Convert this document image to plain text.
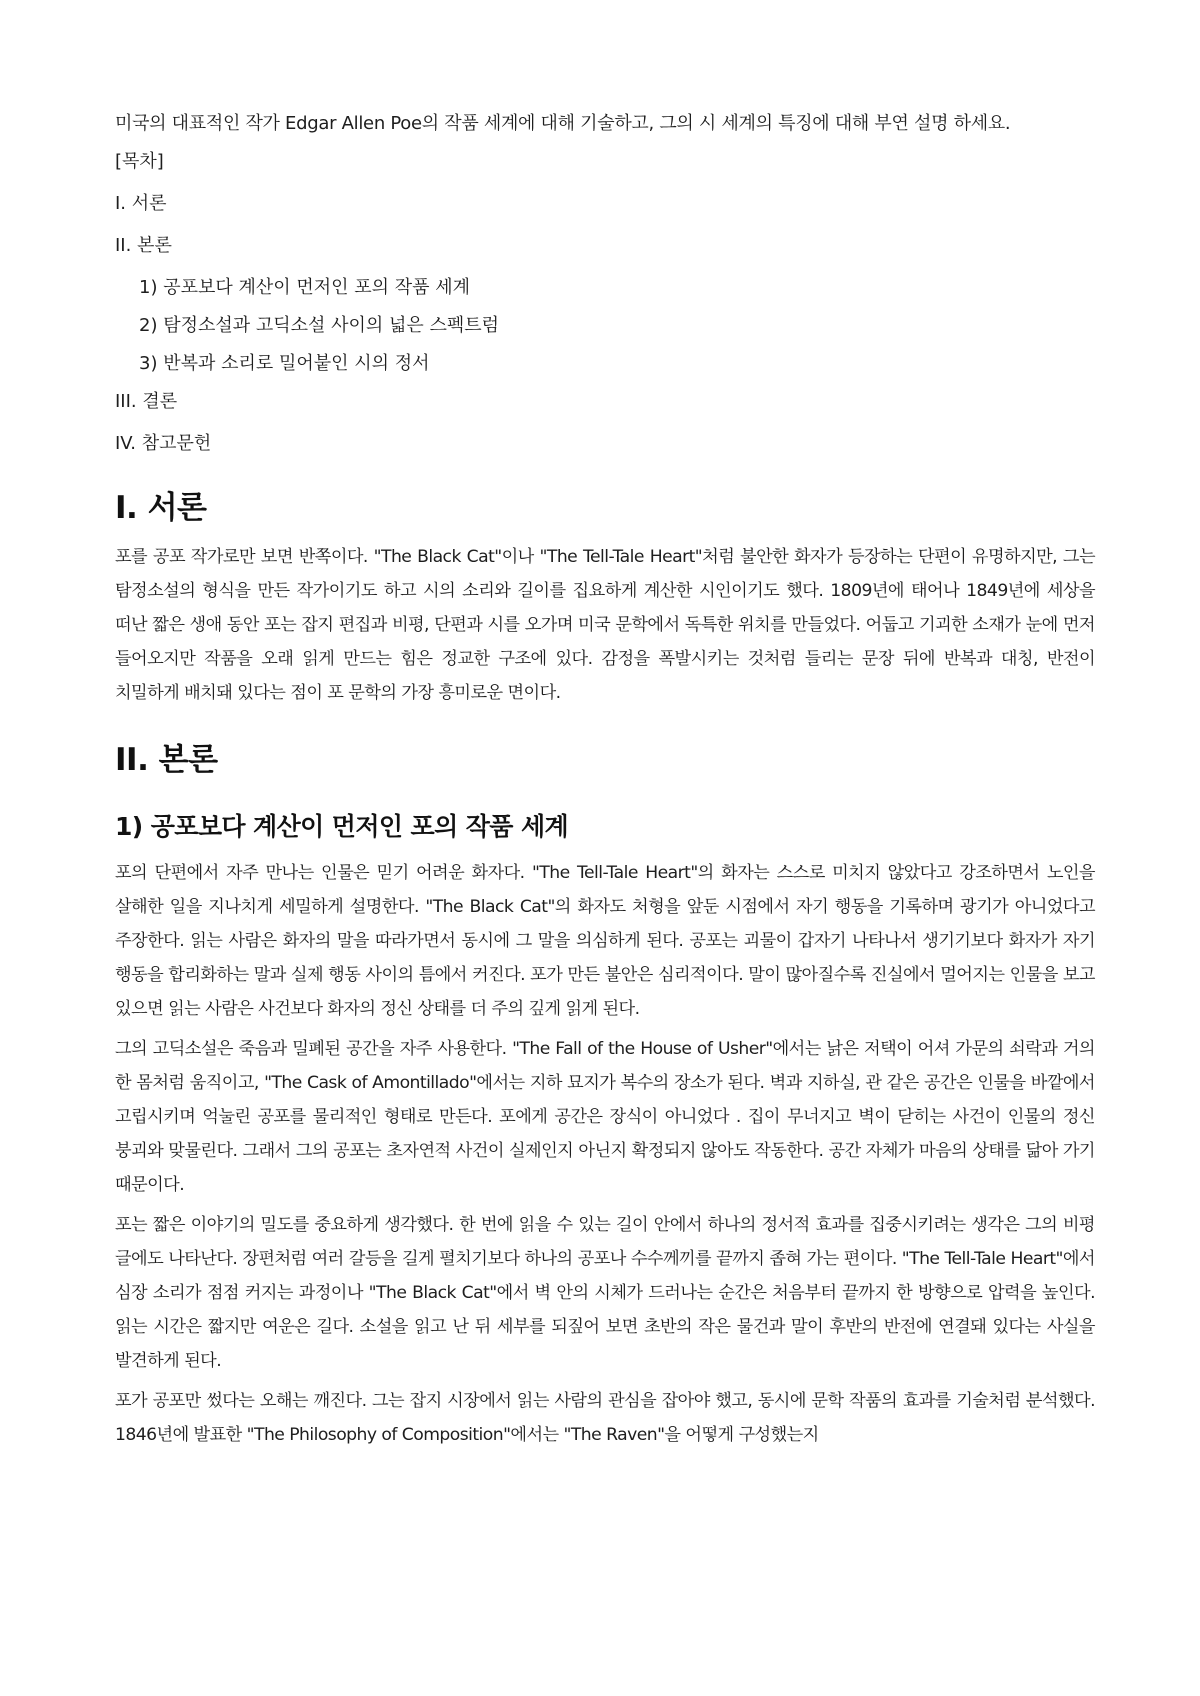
미국의 대표적인 작가 Edgar Allen Poe의 작품 세계에 대해 기술하고, 그의 시 세계의 특징에 대해 부연 설명 하세요.

[목차]
I. 서론
II. 본론
1) 공포보다 계산이 먼저인 포의 작품 세계
2) 탐정소설과 고딕소설 사이의 넓은 스펙트럼
3) 반복과 소리로 밀어붙인 시의 정서
III. 결론
IV. 참고문헌
I. 서론

포를 공포 작가로만 보면 반쪽이다. "The Black Cat"이나 "The Tell-Tale Heart"처럼 불안한 화자가 등장하는 단편이 유명하지만, 그는 탐정소설의 형식을 만든 작가이기도 하고 시의 소리와 길이를 집요하게 계산한 시인이기도 했다. 1809년에 태어나 1849년에 세상을 떠난 짧은 생애 동안 포는 잡지 편집과 비평, 단편과 시를 오가며 미국 문학에서 독특한 위치를 만들었다. 어둡고 기괴한 소재가 눈에 먼저 들어오지만 작품을 오래 읽게 만드는 힘은 정교한 구조에 있다. 감정을 폭발시키는 것처럼 들리는 문장 뒤에 반복과 대칭, 반전이 치밀하게 배치돼 있다는 점이 포 문학의 가장 흥미로운 면이다.

II. 본론
1) 공포보다 계산이 먼저인 포의 작품 세계

포의 단편에서 자주 만나는 인물은 믿기 어려운 화자다. "The Tell-Tale Heart"의 화자는 스스로 미치지 않았다고 강조하면서 노인을 살해한 일을 지나치게 세밀하게 설명한다. "The Black Cat"의 화자도 처형을 앞둔 시점에서 자기 행동을 기록하며 광기가 아니었다고 주장한다. 읽는 사람은 화자의 말을 따라가면서 동시에 그 말을 의심하게 된다. 공포는 괴물이 갑자기 나타나서 생기기보다 화자가 자기 행동을 합리화하는 말과 실제 행동 사이의 틈에서 커진다. 포가 만든 불안은 심리적이다. 말이 많아질수록 진실에서 멀어지는 인물을 보고 있으면 읽는 사람은 사건보다 화자의 정신 상태를 더 주의 깊게 읽게 된다.

그의 고딕소설은 죽음과 밀폐된 공간을 자주 사용한다. "The Fall of the House of Usher"에서는 낡은 저택이 어셔 가문의 쇠락과 거의 한 몸처럼 움직이고, "The Cask of Amontillado"에서는 지하 묘지가 복수의 장소가 된다. 벽과 지하실, 관 같은 공간은 인물을 바깥에서 고립시키며 억눌린 공포를 물리적인 형태로 만든다. 포에게 공간은 장식이 아니었다 . 집이 무너지고 벽이 닫히는 사건이 인물의 정신 붕괴와 맞물린다. 그래서 그의 공포는 초자연적 사건이 실제인지 아닌지 확정되지 않아도 작동한다. 공간 자체가 마음의 상태를 닮아 가기 때문이다.

포는 짧은 이야기의 밀도를 중요하게 생각했다. 한 번에 읽을 수 있는 길이 안에서 하나의 정서적 효과를 집중시키려는 생각은 그의 비평 글에도 나타난다. 장편처럼 여러 갈등을 길게 펼치기보다 하나의 공포나 수수께끼를 끝까지 좁혀 가는 편이다. "The Tell-Tale Heart"에서 심장 소리가 점점 커지는 과정이나 "The Black Cat"에서 벽 안의 시체가 드러나는 순간은 처음부터 끝까지 한 방향으로 압력을 높인다. 읽는 시간은 짧지만 여운은 길다. 소설을 읽고 난 뒤 세부를 되짚어 보면 초반의 작은 물건과 말이 후반의 반전에 연결돼 있다는 사실을 발견하게 된다.

포가 공포만 썼다는 오해는 깨진다. 그는 잡지 시장에서 읽는 사람의 관심을 잡아야 했고, 동시에 문학 작품의 효과를 기술처럼 분석했다. 1846년에 발표한 "The Philosophy of Composition"에서는 "The Raven"을 어떻게 구성했는지
